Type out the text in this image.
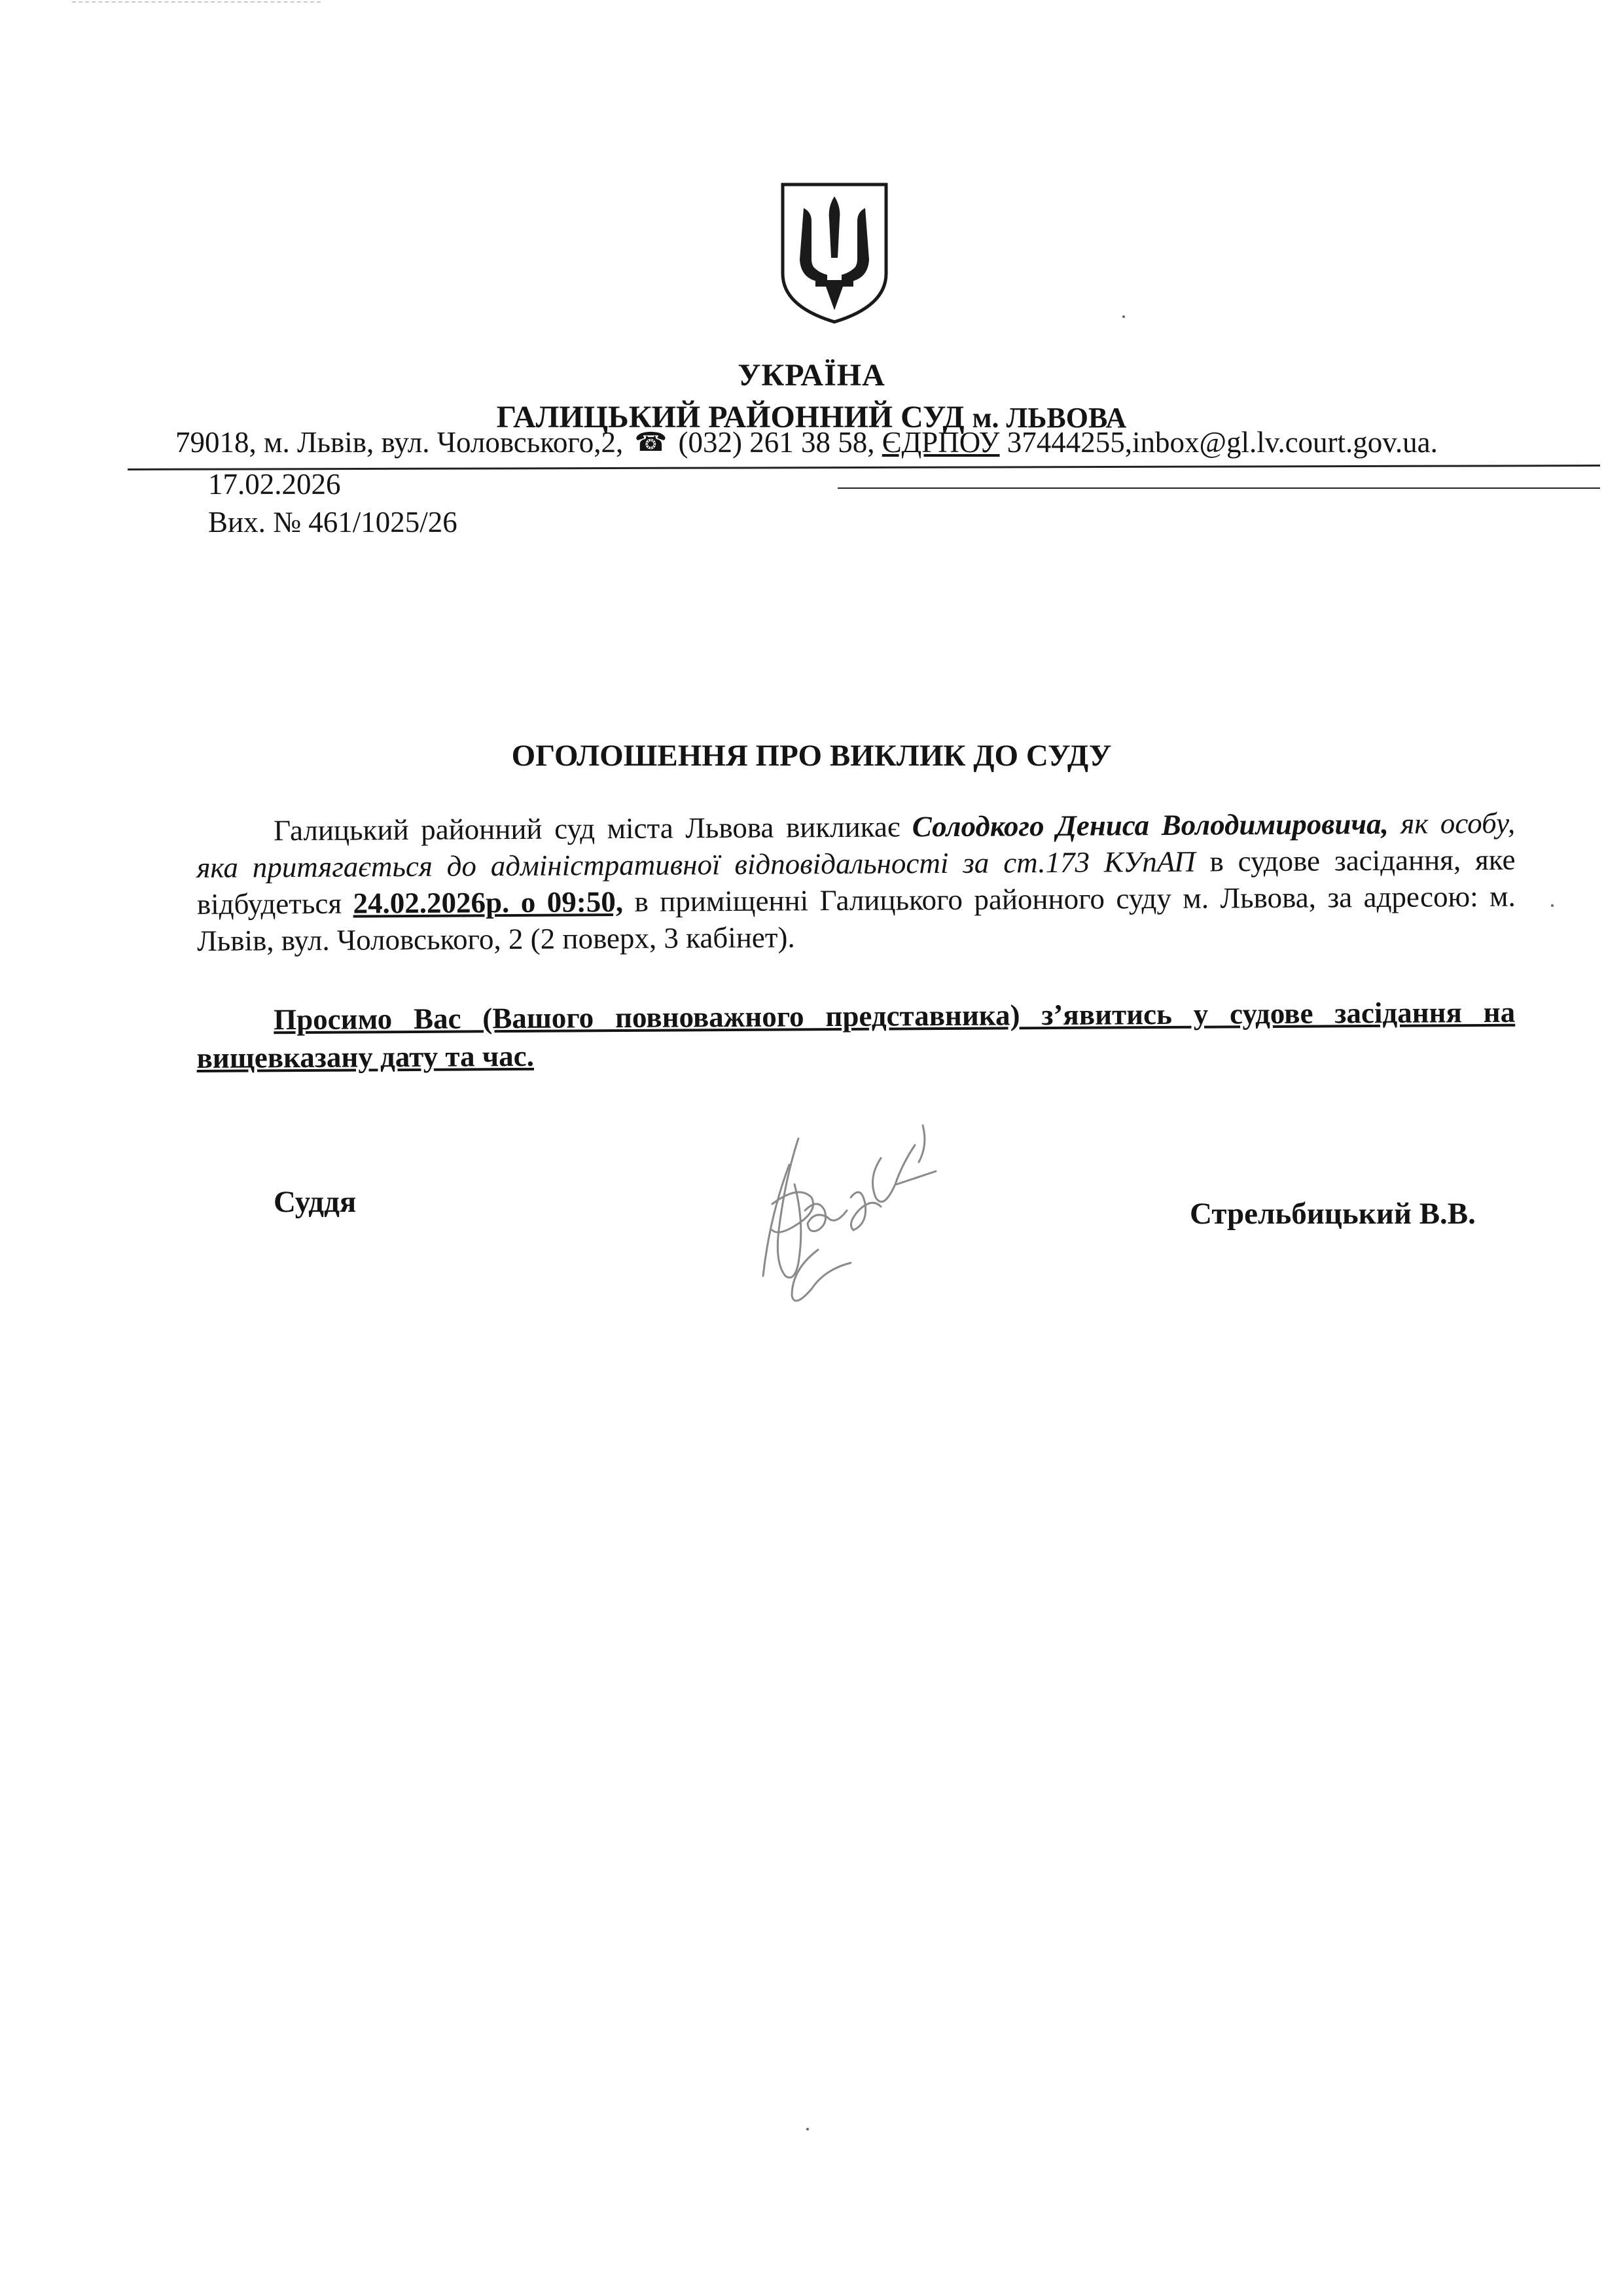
УКРАЇНА
ГАЛИЦЬКИЙ РАЙОННИЙ СУД м. ЛЬВОВА
79018, м. Львів, вул. Чоловського,2, ☎ (032) 261 38 58, ЄДРПОУ 37444255,inbox@gl.lv.court.gov.ua.
17.02.2026
Вих. № 461/1025/26
ОГОЛОШЕННЯ ПРО ВИКЛИК ДО СУДУ
Галицький районний суд міста Львова викликає Солодкого Дениса Володимировича, як особу, яка притягається до адміністративної відповідальності за ст.173 КУпАП в судове засідання, яке відбудеться 24.02.2026р. о 09:50, в приміщенні Галицького районного суду м. Львова, за адресою: м. Львів, вул. Чоловського, 2 (2 поверх, 3 кабінет).
Просимо Вас (Вашого повноважного представника) з’явитись у судове засідання на вищевказану дату та час.
Суддя	Стрельбицький В.В.
